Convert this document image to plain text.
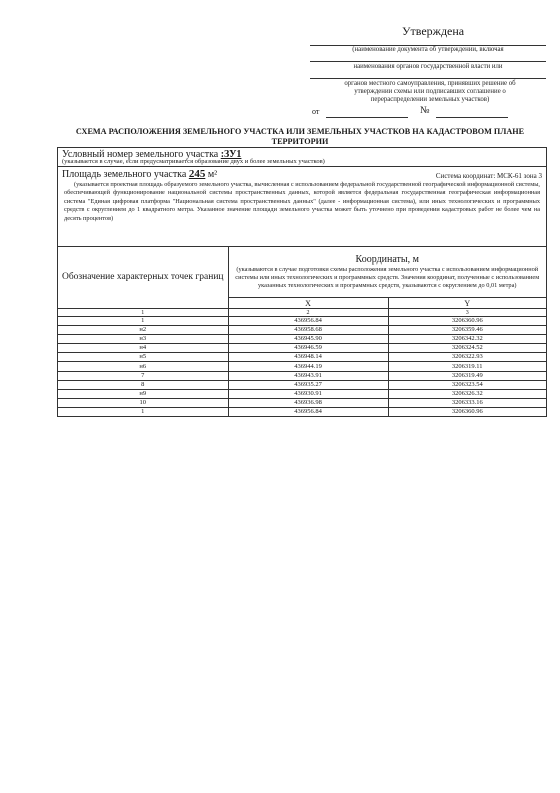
Утверждена
(наименование документа об утверждении, включая
наименования органов государственной власти или
органов местного самоуправления, принявших решение об утверждении схемы или подписавших соглашение о перераспределении земельных участков)
от	№
СХЕМА РАСПОЛОЖЕНИЯ ЗЕМЕЛЬНОГО УЧАСТКА ИЛИ ЗЕМЕЛЬНЫХ УЧАСТКОВ НА КАДАСТРОВОМ ПЛАНЕ ТЕРРИТОРИИ
Условный номер земельного участка :ЗУ1
(указывается в случае, если предусматривается образование двух и более земельных участков)
Площадь земельного участка 245 м²	Система координат: МСК-61 зона 3
(указывается проектная площадь образуемого земельного участка, вычисленная с использованием федеральной государственной географической информационной системы, обеспечивающей функционирование национальной системы пространственных данных, которой является федеральная государственная географическая информационная система "Единая цифровая платформа "Национальная система пространственных данных" (далее - информационная система), или иных технологических и программных средств с округлением до 1 квадратного метра. Указанное значение площади земельного участка может быть уточнено при проведении кадастровых работ не более чем на десять процентов)
Обозначение характерных точек границ	Координаты, м
(указываются в случае подготовки схемы расположения земельного участка с использованием информационной системы или иных технологических и программных средств. Значения координат, полученные с использованием указанных технологических и программных средств, указываются с округлением до 0,01 метра)	

	X	Y
1	2	3
1	436956.84	3206360.96
н2	436958.68	3206359.46
н3	436945.90	3206342.32
н4	436946.59	3206324.52
н5	436948.14	3206322.93
н6	436944.19	3206319.11
7	436943.91	3206319.49
8	436935.27	3206323.54
н9	436930.91	3206326.32
10	436936.98	3206333.16
1	436956.84	3206360.96
